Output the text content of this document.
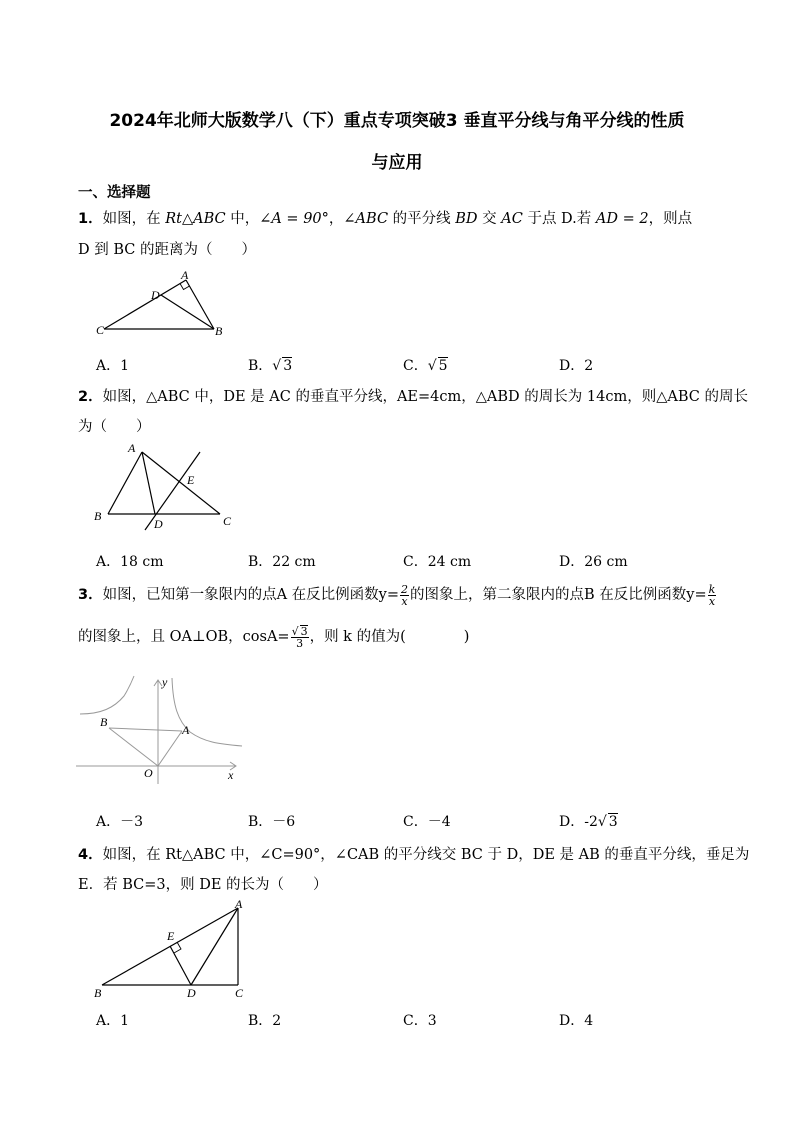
2024年北师大版数学八（下）重点专项突破3 垂直平分线与角平分线的性质
与应用
一、选择题
1．如图，在 Rt△ABC 中，∠A = 90°，∠ABC 的平分线 BD 交 AC 于点 D.若 AD = 2，则点
D 到 BC 的距离为（　　）
A
B
C
D
A．1	B．√ 3	C．√ 5	D．2
2．如图，△ABC 中，DE 是 AC 的垂直平分线，AE=4cm，△ABD 的周长为 14cm，则△ABC 的周长
为（　　）
A
B	C
D
E
A．18 cm	B．22 cm	C．24 cm	D．26 cm
3．如图，已知第一象限内的点A 在反比例函数$y= \frac{2}{x}$ 的图象上，第二象限内的点B 在反比例函数$y= \frac{k}{x}$
的图象上，且 OA⊥OB，$\cos A= \frac{√ 3}{3}$ ，则 k 的值为(　　　　)
B
A
O	x
y
A．－3	B．－6	C．－4	D．-2√ 3
4．如图，在 Rt△ABC 中，∠C=90°，∠CAB 的平分线交 BC 于 D，DE 是 AB 的垂直平分线，垂足为
E．若 BC=3，则 DE 的长为（　　）
A
B	C
D
E
A．1	B．2	C．3	D．4
